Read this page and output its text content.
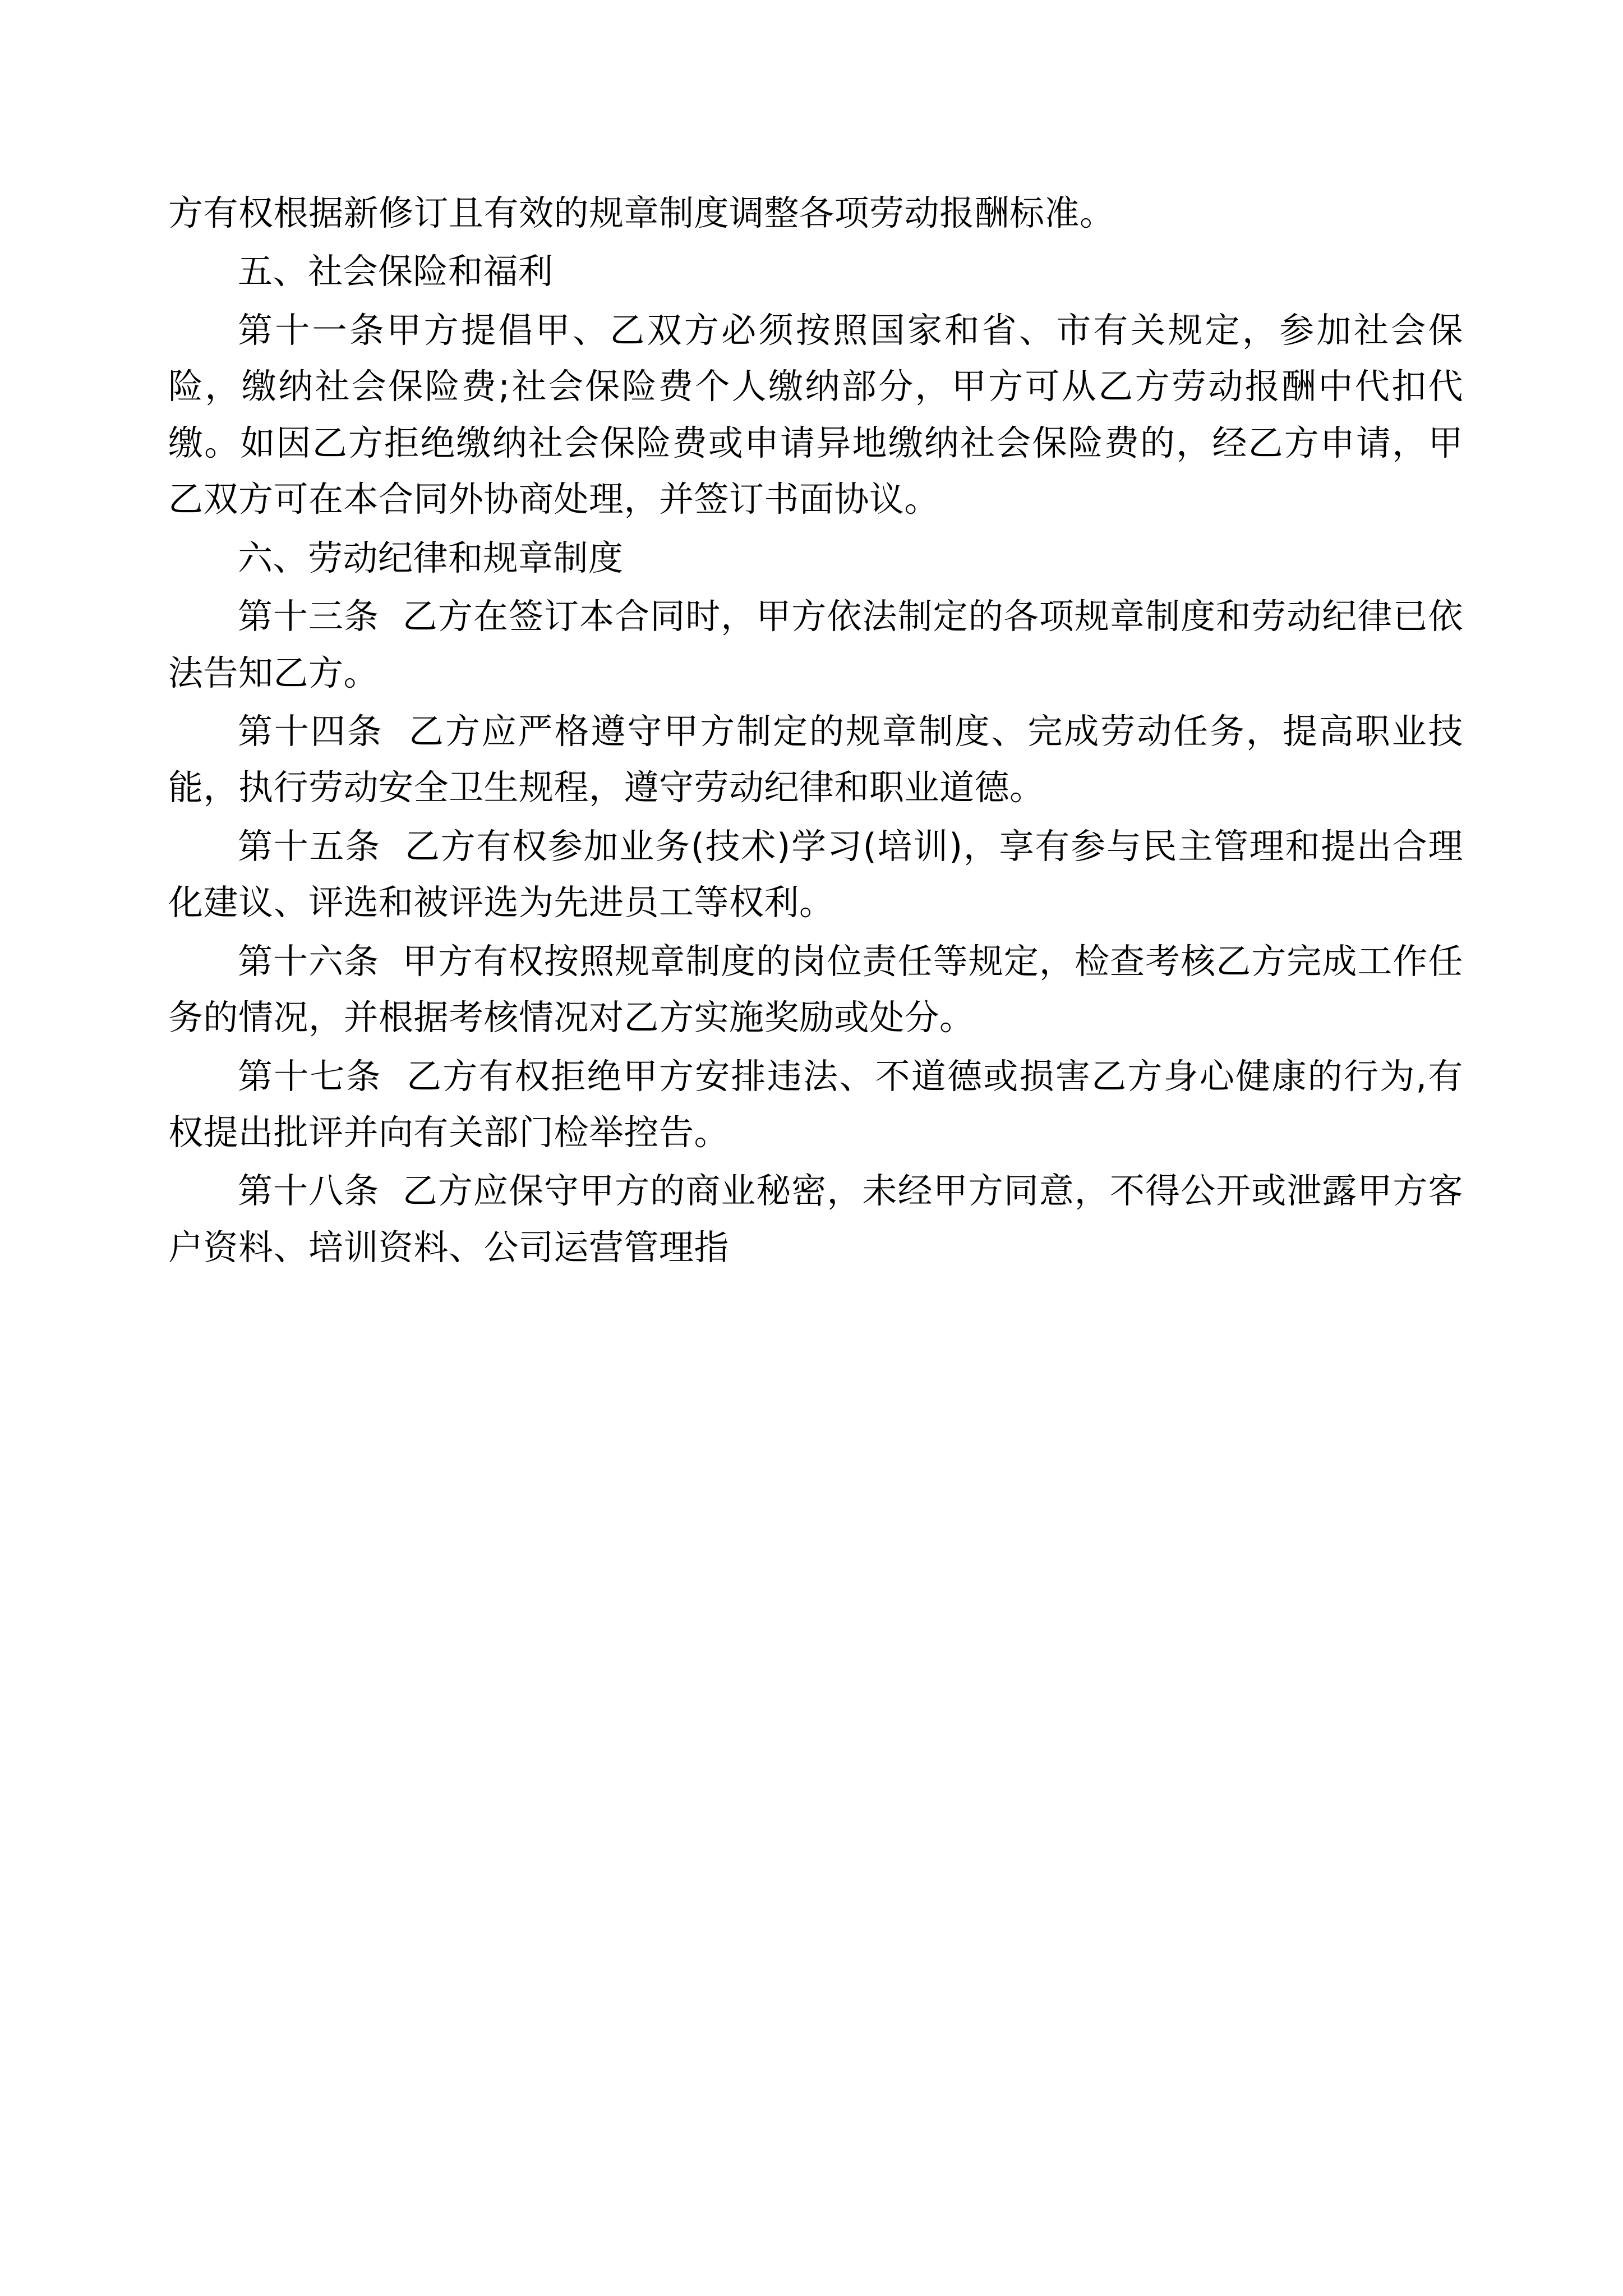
方有权根据新修订且有效的规章制度调整各项劳动报酬标准。

五、社会保险和福利

第十一条甲方提倡甲、乙双方必须按照国家和省、市有关规定，参加社会保险，缴纳社会保险费;社会保险费个人缴纳部分，甲方可从乙方劳动报酬中代扣代缴。如因乙方拒绝缴纳社会保险费或申请异地缴纳社会保险费的，经乙方申请，甲乙双方可在本合同外协商处理，并签订书面协议。

六、劳动纪律和规章制度

第十三条  乙方在签订本合同时，甲方依法制定的各项规章制度和劳动纪律已依法告知乙方。

第十四条  乙方应严格遵守甲方制定的规章制度、完成劳动任务，提高职业技能，执行劳动安全卫生规程，遵守劳动纪律和职业道德。

第十五条  乙方有权参加业务(技术)学习(培训)，享有参与民主管理和提出合理化建议、评选和被评选为先进员工等权利。

第十六条  甲方有权按照规章制度的岗位责任等规定，检查考核乙方完成工作任务的情况，并根据考核情况对乙方实施奖励或处分。

第十七条  乙方有权拒绝甲方安排违法、不道德或损害乙方身心健康的行为,有权提出批评并向有关部门检举控告。

第十八条  乙方应保守甲方的商业秘密，未经甲方同意，不得公开或泄露甲方客户资料、培训资料、公司运营管理指
